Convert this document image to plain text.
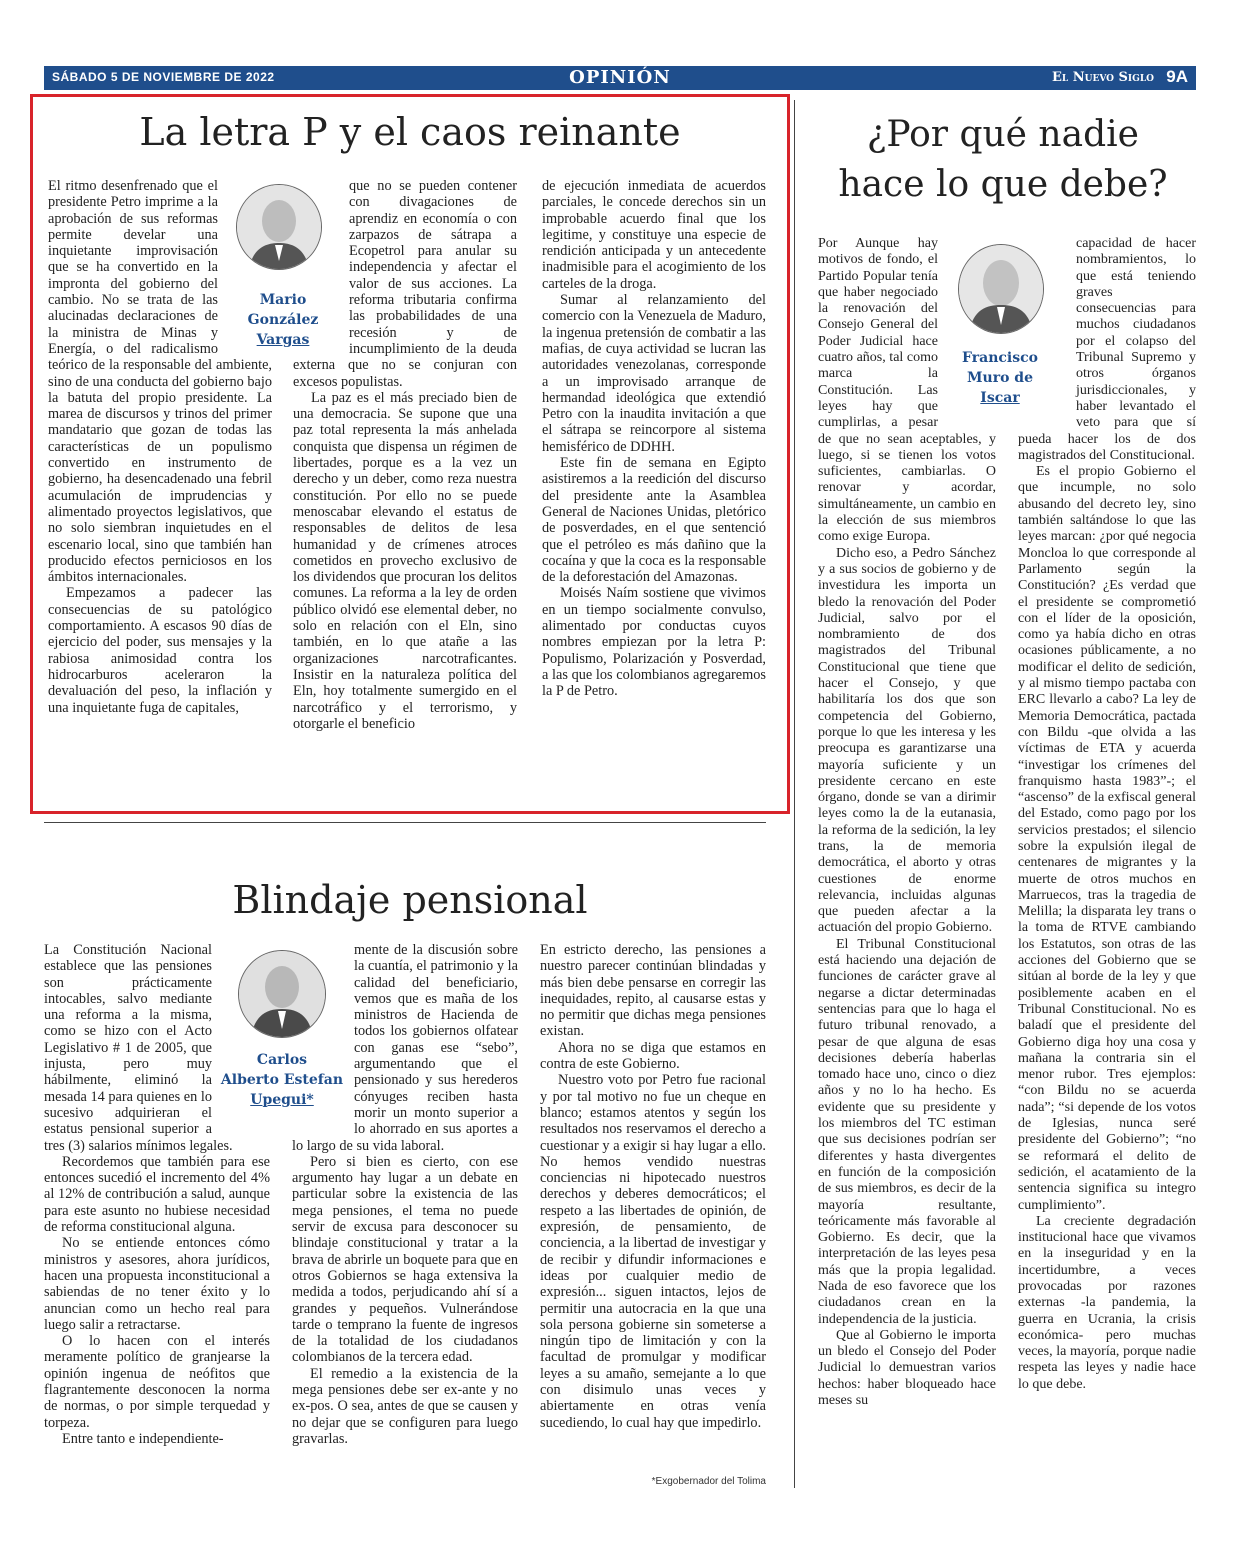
SÁBADO 5 DE NOVIEMBRE DE 2022	OPINIÓN	El Nuevo Siglo 9A
La letra P y el caos reinante
Mario
González
Vargas

El ritmo desenfrenado que el presidente Petro imprime a la aprobación de sus reformas permite develar una inquietante improvisación que se ha convertido en la impronta del gobierno del cambio. No se trata de las alucinadas declaraciones de la ministra de Minas y Energía, o del radicalismo teórico de la responsable del ambiente, sino de una conducta del gobierno bajo la batuta del propio presidente. La marea de discursos y trinos del primer mandatario que gozan de todas las características de un populismo convertido en instrumento de gobierno, ha desencadenado una febril acumulación de imprudencias y alimentado proyectos legislativos, que no solo siembran inquietudes en el escenario local, sino que también han producido efectos perniciosos en los ámbitos internacionales.

Empezamos a padecer las consecuencias de su patológico comportamiento. A escasos 90 días de ejercicio del poder, sus mensajes y la rabiosa animosidad contra los hidrocarburos aceleraron la devaluación del peso, la inflación y una inquietante fuga de capitales,

que no se pueden contener con divagaciones de aprendiz en economía o con zarpazos de sátrapa a Ecopetrol para anular su independencia y afectar el valor de sus acciones. La reforma tributaria confirma las probabilidades de una recesión y de incumplimiento de la deuda externa que no se conjuran con excesos populistas.

La paz es el más preciado bien de una democracia. Se supone que una paz total representa la más anhelada conquista que dispensa un régimen de libertades, porque es a la vez un derecho y un deber, como reza nuestra constitución. Por ello no se puede menoscabar elevando el estatus de responsables de delitos de lesa humanidad y de crímenes atroces cometidos en provecho exclusivo de los dividendos que procuran los delitos comunes. La reforma a la ley de orden público olvidó ese elemental deber, no solo en relación con el Eln, sino también, en lo que atañe a las organizaciones narcotraficantes. Insistir en la naturaleza política del Eln, hoy totalmente sumergido en el narcotráfico y el terrorismo, y otorgarle el beneficio

de ejecución inmediata de acuerdos parciales, le concede derechos sin un improbable acuerdo final que los legitime, y constituye una especie de rendición anticipada y un antecedente inadmisible para el acogimiento de los carteles de la droga.

Sumar al relanzamiento del comercio con la Venezuela de Maduro, la ingenua pretensión de combatir a las mafias, de cuya actividad se lucran las autoridades venezolanas, corresponde a un improvisado arranque de hermandad ideológica que extendió Petro con la inaudita invitación a que el sátrapa se reincorpore al sistema hemisférico de DDHH.

Este fin de semana en Egipto asistiremos a la reedición del discurso del presidente ante la Asamblea General de Naciones Unidas, pletórico de posverdades, en el que sentenció que el petróleo es más dañino que la cocaína y que la coca es la responsable de la deforestación del Amazonas.

Moisés Naím sostiene que vivimos en un tiempo socialmente convulso, alimentado por conductas cuyos nombres empiezan por la letra P: Populismo, Polarización y Posverdad, a las que los colombianos agregaremos la P de Petro.

Blindaje pensional
Carlos
Alberto Estefan
Upegui*

La Constitución Nacional establece que las pensiones son prácticamente intocables, salvo mediante una reforma a la misma, como se hizo con el Acto Legislativo # 1 de 2005, que injusta, pero muy hábilmente, eliminó la mesada 14 para quienes en lo sucesivo adquirieran el estatus pensional superior a tres (3) salarios mínimos legales.

Recordemos que también para ese entonces sucedió el incremento del 4% al 12% de contribución a salud, aunque para este asunto no hubiese necesidad de reforma constitucional alguna.

No se entiende entonces cómo ministros y asesores, ahora jurídicos, hacen una propuesta inconstitucional a sabiendas de no tener éxito y lo anuncian como un hecho real para luego salir a retractarse.

O lo hacen con el interés meramente político de granjearse la opinión ingenua de neófitos que flagrantemente desconocen la norma de normas, o por simple terquedad y torpeza.

Entre tanto e independiente-

mente de la discusión sobre la cuantía, el patrimonio y la calidad del beneficiario, vemos que es maña de los ministros de Hacienda de todos los gobiernos olfatear con ganas ese “sebo”, argumentando que el pensionado y sus herederos cónyuges reciben hasta morir un monto superior a lo ahorrado en sus aportes a lo largo de su vida laboral.

Pero si bien es cierto, con ese argumento hay lugar a un debate en particular sobre la existencia de las mega pensiones, el tema no puede servir de excusa para desconocer su blindaje constitucional y tratar a la brava de abrirle un boquete para que en otros Gobiernos se haga extensiva la medida a todos, perjudicando ahí sí a grandes y pequeños. Vulnerándose tarde o temprano la fuente de ingresos de la totalidad de los ciudadanos colombianos de la tercera edad.

El remedio a la existencia de la mega pensiones debe ser ex-ante y no ex-pos. O sea, antes de que se causen y no dejar que se configuren para luego gravarlas.

En estricto derecho, las pensiones a nuestro parecer continúan blindadas y más bien debe pensarse en corregir las inequidades, repito, al causarse estas y no permitir que dichas mega pensiones existan.

Ahora no se diga que estamos en contra de este Gobierno.

Nuestro voto por Petro fue racional y por tal motivo no fue un cheque en blanco; estamos atentos y según los resultados nos reservamos el derecho a cuestionar y a exigir si hay lugar a ello. No hemos vendido nuestras conciencias ni hipotecado nuestros derechos y deberes democráticos; el respeto a las libertades de opinión, de expresión, de pensamiento, de conciencia, a la libertad de investigar y de recibir y difundir informaciones e ideas por cualquier medio de expresión... siguen intactos, lejos de permitir una autocracia en la que una sola persona gobierne sin someterse a ningún tipo de limitación y con la facultad de promulgar y modificar leyes a su amaño, semejante a lo que con disimulo unas veces y abiertamente en otras venía sucediendo, lo cual hay que impedirlo.

*Exgobernador del Tolima
¿Por qué nadie
hace lo que debe?
Francisco
Muro de
Iscar

Por Aunque hay motivos de fondo, el Partido Popular tenía que haber negociado la renovación del Consejo General del Poder Judicial hace cuatro años, tal como marca la Constitución. Las leyes hay que cumplirlas, a pesar de que no sean aceptables, y luego, si se tienen los votos suficientes, cambiarlas. O renovar y acordar, simultáneamente, un cambio en la elección de sus miembros como exige Europa.

Dicho eso, a Pedro Sánchez y a sus socios de gobierno y de investidura les importa un bledo la renovación del Poder Judicial, salvo por el nombramiento de dos magistrados del Tribunal Constitucional que tiene que hacer el Consejo, y que habilitaría los dos que son competencia del Gobierno, porque lo que les interesa y les preocupa es garantizarse una mayoría suficiente y un presidente cercano en este órgano, donde se van a dirimir leyes como la de la eutanasia, la reforma de la sedición, la ley trans, la de memoria democrática, el aborto y otras cuestiones de enorme relevancia, incluidas algunas que pueden afectar a la actuación del propio Gobierno.

El Tribunal Constitucional está haciendo una dejación de funciones de carácter grave al negarse a dictar determinadas sentencias para que lo haga el futuro tribunal renovado, a pesar de que alguna de esas decisiones debería haberlas tomado hace uno, cinco o diez años y no lo ha hecho. Es evidente que su presidente y los miembros del TC estiman que sus decisiones podrían ser diferentes y hasta divergentes en función de la composición de sus miembros, es decir de la mayoría resultante, teóricamente más favorable al Gobierno. Es decir, que la interpretación de las leyes pesa más que la propia legalidad. Nada de eso favorece que los ciudadanos crean en la independencia de la justicia.

Que al Gobierno le importa un bledo el Consejo del Poder Judicial lo demuestran varios hechos: haber bloqueado hace meses su

capacidad de hacer nombramientos, lo que está teniendo graves consecuencias para muchos ciudadanos por el colapso del Tribunal Supremo y otros órganos jurisdiccionales, y haber levantado el veto para que sí pueda hacer los de dos magistrados del Constitucional.

Es el propio Gobierno el que incumple, no solo abusando del decreto ley, sino también saltándose lo que las leyes marcan: ¿por qué negocia Moncloa lo que corresponde al Parlamento según la Constitución? ¿Es verdad que el presidente se comprometió con el líder de la oposición, como ya había dicho en otras ocasiones públicamente, a no modificar el delito de sedición, y al mismo tiempo pactaba con ERC llevarlo a cabo? La ley de Memoria Democrática, pactada con Bildu -que olvida a las víctimas de ETA y acuerda “investigar los crímenes del franquismo hasta 1983”-; el “ascenso” de la exfiscal general del Estado, como pago por los servicios prestados; el silencio sobre la expulsión ilegal de centenares de migrantes y la muerte de otros muchos en Marruecos, tras la tragedia de Melilla; la disparata ley trans o la toma de RTVE cambiando los Estatutos, son otras de las acciones del Gobierno que se sitúan al borde de la ley y que posiblemente acaben en el Tribunal Constitucional. No es baladí que el presidente del Gobierno diga hoy una cosa y mañana la contraria sin el menor rubor. Tres ejemplos: “con Bildu no se acuerda nada”; “si depende de los votos de Iglesias, nunca seré presidente del Gobierno”; “no se reformará el delito de sedición, el acatamiento de la sentencia significa su integro cumplimiento”.

La creciente degradación institucional hace que vivamos en la inseguridad y en la incertidumbre, a veces provocadas por razones externas -la pandemia, la guerra en Ucrania, la crisis económica- pero muchas veces, la mayoría, porque nadie respeta las leyes y nadie hace lo que debe.
